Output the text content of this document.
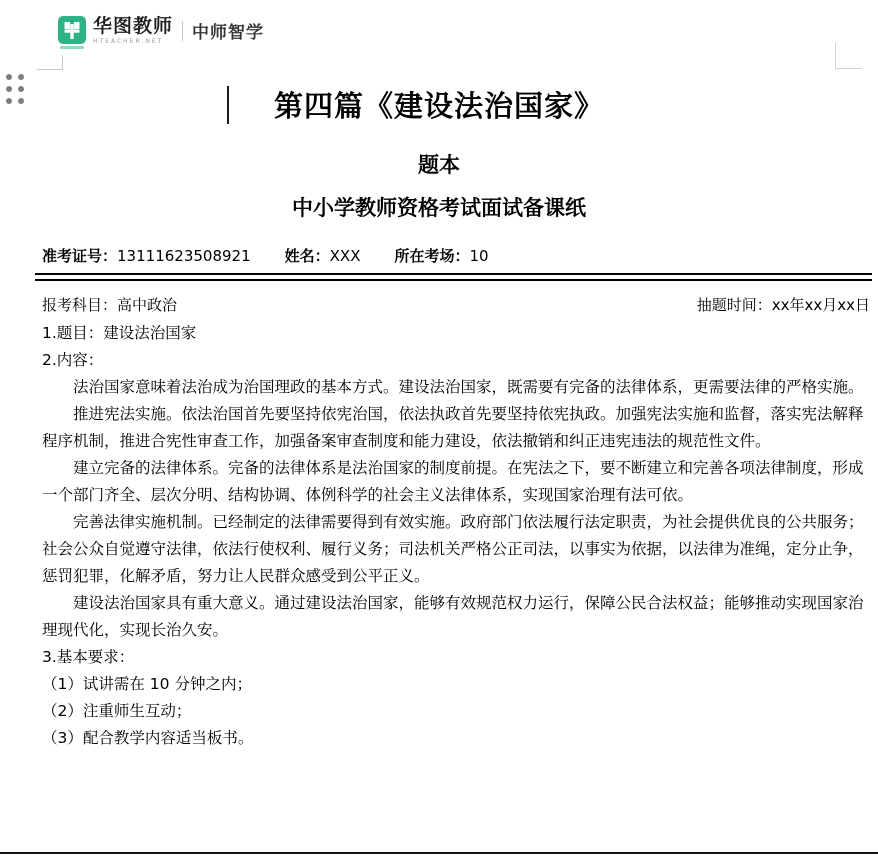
华图教师
HTEACHER.NET	中师智学
第四篇《建设法治国家》
题本
中小学教师资格考试面试备课纸
准考证号： 13111623508921 姓名： XXX 所在考场： 10
报考科目：高中政治	抽题时间：xx年xx月xx日

1.题目：建设法治国家

2.内容：

法治国家意味着法治成为治国理政的基本方式。建设法治国家，既需要有完备的法律体系，更需要法律的严格实施。

推进宪法实施。依法治国首先要坚持依宪治国，依法执政首先要坚持依宪执政。加强宪法实施和监督，落实宪法解释程序机制，推进合宪性审查工作，加强备案审查制度和能力建设，依法撤销和纠正违宪违法的规范性文件。

建立完备的法律体系。完备的法律体系是法治国家的制度前提。在宪法之下，要不断建立和完善各项法律制度，形成一个部门齐全、层次分明、结构协调、体例科学的社会主义法律体系，实现国家治理有法可依。

完善法律实施机制。已经制定的法律需要得到有效实施。政府部门依法履行法定职责，为社会提供优良的公共服务；社会公众自觉遵守法律，依法行使权利、履行义务；司法机关严格公正司法，以事实为依据，以法律为准绳，定分止争，惩罚犯罪，化解矛盾，努力让人民群众感受到公平正义。

建设法治国家具有重大意义。通过建设法治国家，能够有效规范权力运行，保障公民合法权益；能够推动实现国家治理现代化，实现长治久安。

3.基本要求：

（1）试讲需在 10 分钟之内；

（2）注重师生互动；

（3）配合教学内容适当板书。
